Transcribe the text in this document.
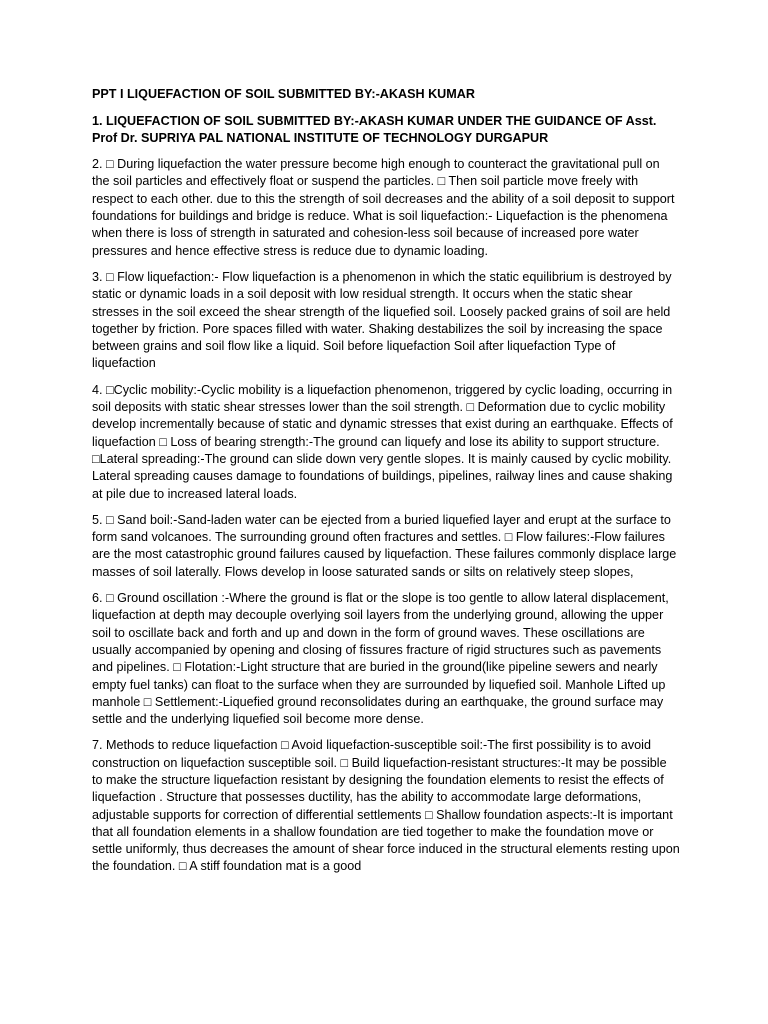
PPT I LIQUEFACTION OF SOIL SUBMITTED BY:-AKASH KUMAR

1. LIQUEFACTION OF SOIL SUBMITTED BY:-AKASH KUMAR UNDER THE GUIDANCE OF Asst. Prof Dr. SUPRIYA PAL NATIONAL INSTITUTE OF TECHNOLOGY DURGAPUR

2. □ During liquefaction the water pressure become high enough to counteract the gravitational pull on the soil particles and effectively float or suspend the particles. □ Then soil particle move freely with respect to each other. due to this the strength of soil decreases and the ability of a soil deposit to support foundations for buildings and bridge is reduce. What is soil liquefaction:- Liquefaction is the phenomena when there is loss of strength in saturated and cohesion-less soil because of increased pore water pressures and hence effective stress is reduce due to dynamic loading.

3. □ Flow liquefaction:- Flow liquefaction is a phenomenon in which the static equilibrium is destroyed by static or dynamic loads in a soil deposit with low residual strength. It occurs when the static shear stresses in the soil exceed the shear strength of the liquefied soil. Loosely packed grains of soil are held together by friction. Pore spaces filled with water. Shaking destabilizes the soil by increasing the space between grains and soil flow like a liquid. Soil before liquefaction Soil after liquefaction Type of liquefaction

4. □Cyclic mobility:-Cyclic mobility is a liquefaction phenomenon, triggered by cyclic loading, occurring in soil deposits with static shear stresses lower than the soil strength. □ Deformation due to cyclic mobility develop incrementally because of static and dynamic stresses that exist during an earthquake. Effects of liquefaction □ Loss of bearing strength:-The ground can liquefy and lose its ability to support structure. □Lateral spreading:-The ground can slide down very gentle slopes. It is mainly caused by cyclic mobility. Lateral spreading causes damage to foundations of buildings, pipelines, railway lines and cause shaking at pile due to increased lateral loads.

5. □ Sand boil:-Sand-laden water can be ejected from a buried liquefied layer and erupt at the surface to form sand volcanoes. The surrounding ground often fractures and settles. □ Flow failures:-Flow failures are the most catastrophic ground failures caused by liquefaction. These failures commonly displace large masses of soil laterally. Flows develop in loose saturated sands or silts on relatively steep slopes,

6. □ Ground oscillation :-Where the ground is flat or the slope is too gentle to allow lateral displacement, liquefaction at depth may decouple overlying soil layers from the underlying ground, allowing the upper soil to oscillate back and forth and up and down in the form of ground waves. These oscillations are usually accompanied by opening and closing of fissures fracture of rigid structures such as pavements and pipelines. □ Flotation:-Light structure that are buried in the ground(like pipeline sewers and nearly empty fuel tanks) can float to the surface when they are surrounded by liquefied soil. Manhole Lifted up manhole □ Settlement:-Liquefied ground reconsolidates during an earthquake, the ground surface may settle and the underlying liquefied soil become more dense.

7. Methods to reduce liquefaction □ Avoid liquefaction-susceptible soil:-The first possibility is to avoid construction on liquefaction susceptible soil. □ Build liquefaction-resistant structures:-It may be possible to make the structure liquefaction resistant by designing the foundation elements to resist the effects of liquefaction . Structure that possesses ductility, has the ability to accommodate large deformations, adjustable supports for correction of differential settlements □ Shallow foundation aspects:-It is important that all foundation elements in a shallow foundation are tied together to make the foundation move or settle uniformly, thus decreases the amount of shear force induced in the structural elements resting upon the foundation. □ A stiff foundation mat is a good
